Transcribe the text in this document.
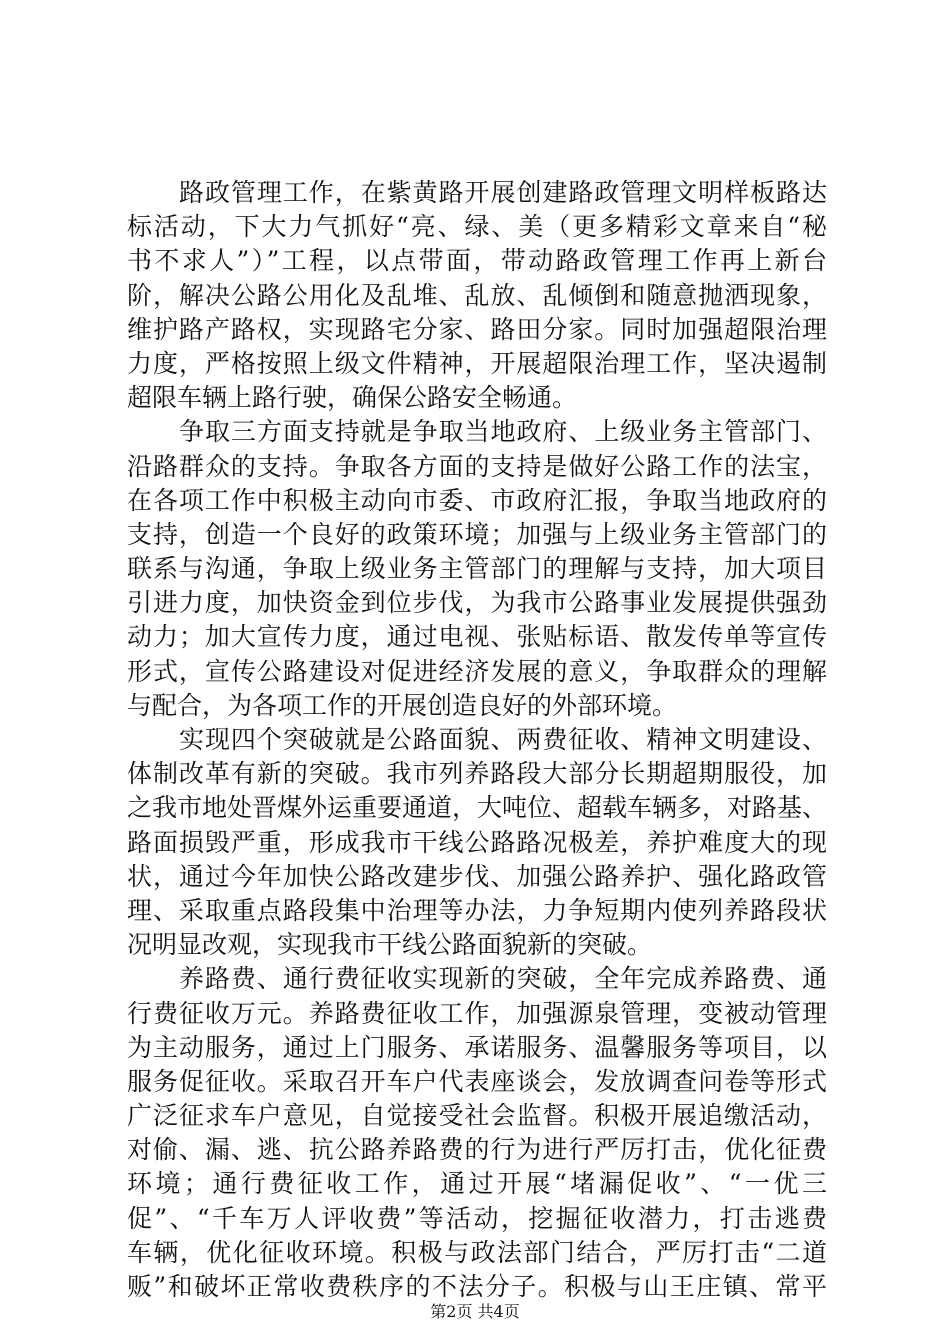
路政管理工作，在紫黄路开展创建路政管理文明样板路达
标活动，下大力气抓好“亮、绿、美（更多精彩文章来自“秘
书不求人”）”工程，以点带面，带动路政管理工作再上新台
阶，解决公路公用化及乱堆、乱放、乱倾倒和随意抛洒现象，
维护路产路权，实现路宅分家、路田分家。同时加强超限治理
力度，严格按照上级文件精神，开展超限治理工作，坚决遏制
超限车辆上路行驶，确保公路安全畅通。
争取三方面支持就是争取当地政府、上级业务主管部门、
沿路群众的支持。争取各方面的支持是做好公路工作的法宝，
在各项工作中积极主动向市委、市政府汇报，争取当地政府的
支持，创造一个良好的政策环境；加强与上级业务主管部门的
联系与沟通，争取上级业务主管部门的理解与支持，加大项目
引进力度，加快资金到位步伐，为我市公路事业发展提供强劲
动力；加大宣传力度，通过电视、张贴标语、散发传单等宣传
形式，宣传公路建设对促进经济发展的意义，争取群众的理解
与配合，为各项工作的开展创造良好的外部环境。
实现四个突破就是公路面貌、两费征收、精神文明建设、
体制改革有新的突破。我市列养路段大部分长期超期服役，加
之我市地处晋煤外运重要通道，大吨位、超载车辆多，对路基、
路面损毁严重，形成我市干线公路路况极差，养护难度大的现
状，通过今年加快公路改建步伐、加强公路养护、强化路政管
理、采取重点路段集中治理等办法，力争短期内使列养路段状
况明显改观，实现我市干线公路面貌新的突破。
养路费、通行费征收实现新的突破，全年完成养路费、通
行费征收万元。养路费征收工作，加强源泉管理，变被动管理
为主动服务，通过上门服务、承诺服务、温馨服务等项目，以
服务促征收。采取召开车户代表座谈会，发放调查问卷等形式
广泛征求车户意见，自觉接受社会监督。积极开展追缴活动，
对偷、漏、逃、抗公路养路费的行为进行严厉打击，优化征费
环境；通行费征收工作，通过开展“堵漏促收”、“一优三
促”、“千车万人评收费”等活动，挖掘征收潜力，打击逃费
车辆，优化征收环境。积极与政法部门结合，严厉打击“二道
贩”和破坏正常收费秩序的不法分子。积极与山王庄镇、常平
第2页 共4页
